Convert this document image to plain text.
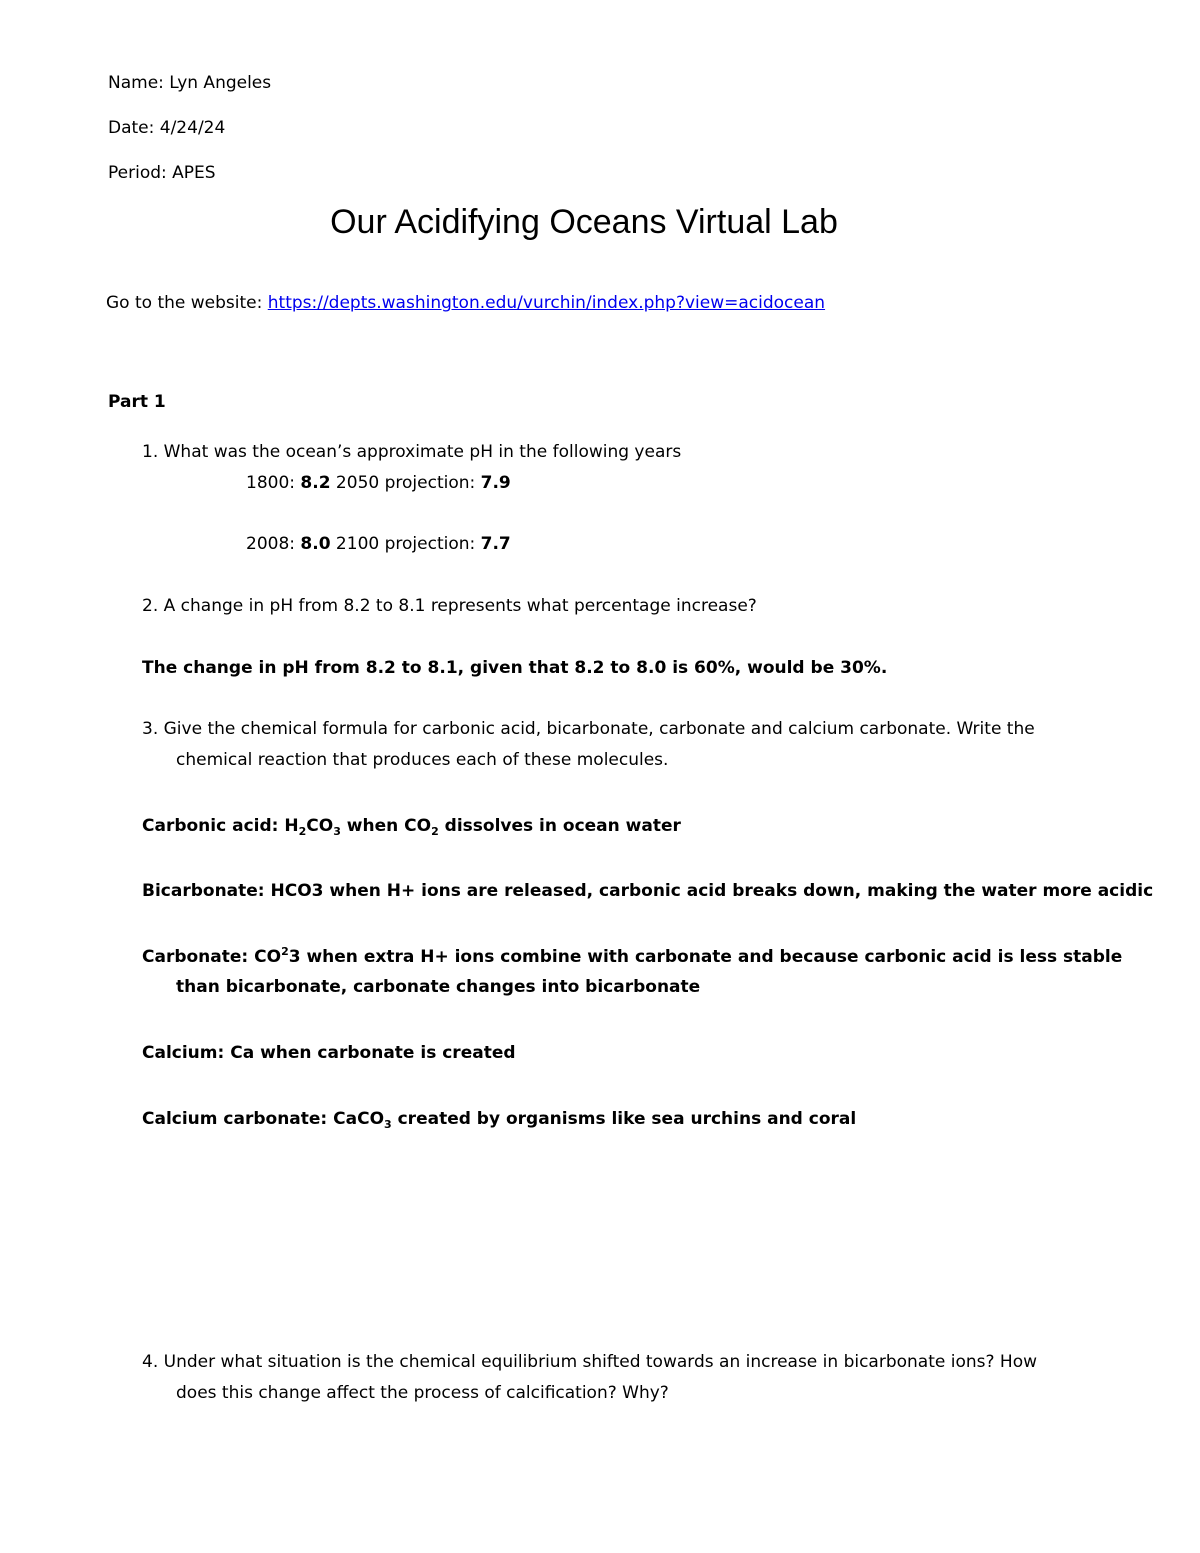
Name: Lyn Angeles
Date: 4/24/24
Period: APES
Our Acidifying Oceans Virtual Lab
Go to the website: https://depts.washington.edu/vurchin/index.php?view=acidocean
Part 1
1. What was the ocean’s approximate pH in the following years
1800: 8.2 2050 projection: 7.9
2008: 8.0 2100 projection: 7.7
2. A change in pH from 8.2 to 8.1 represents what percentage increase?
The change in pH from 8.2 to 8.1, given that 8.2 to 8.0 is 60%, would be 30%.
3. Give the chemical formula for carbonic acid, bicarbonate, carbonate and calcium carbonate. Write the
chemical reaction that produces each of these molecules.
Carbonic acid: $H_2CO_3$ when $CO_2$ dissolves in ocean water
Bicarbonate: HCO3 when H+ ions are released, carbonic acid breaks down, making the water more acidic
Carbonate: $CO^23$ when extra H+ ions combine with carbonate and because carbonic acid is less stable
than bicarbonate, carbonate changes into bicarbonate
Calcium: Ca when carbonate is created
Calcium carbonate: CaCO$_3$ created by organisms like sea urchins and coral
4. Under what situation is the chemical equilibrium shifted towards an increase in bicarbonate ions? How
does this change affect the process of calcification? Why?
